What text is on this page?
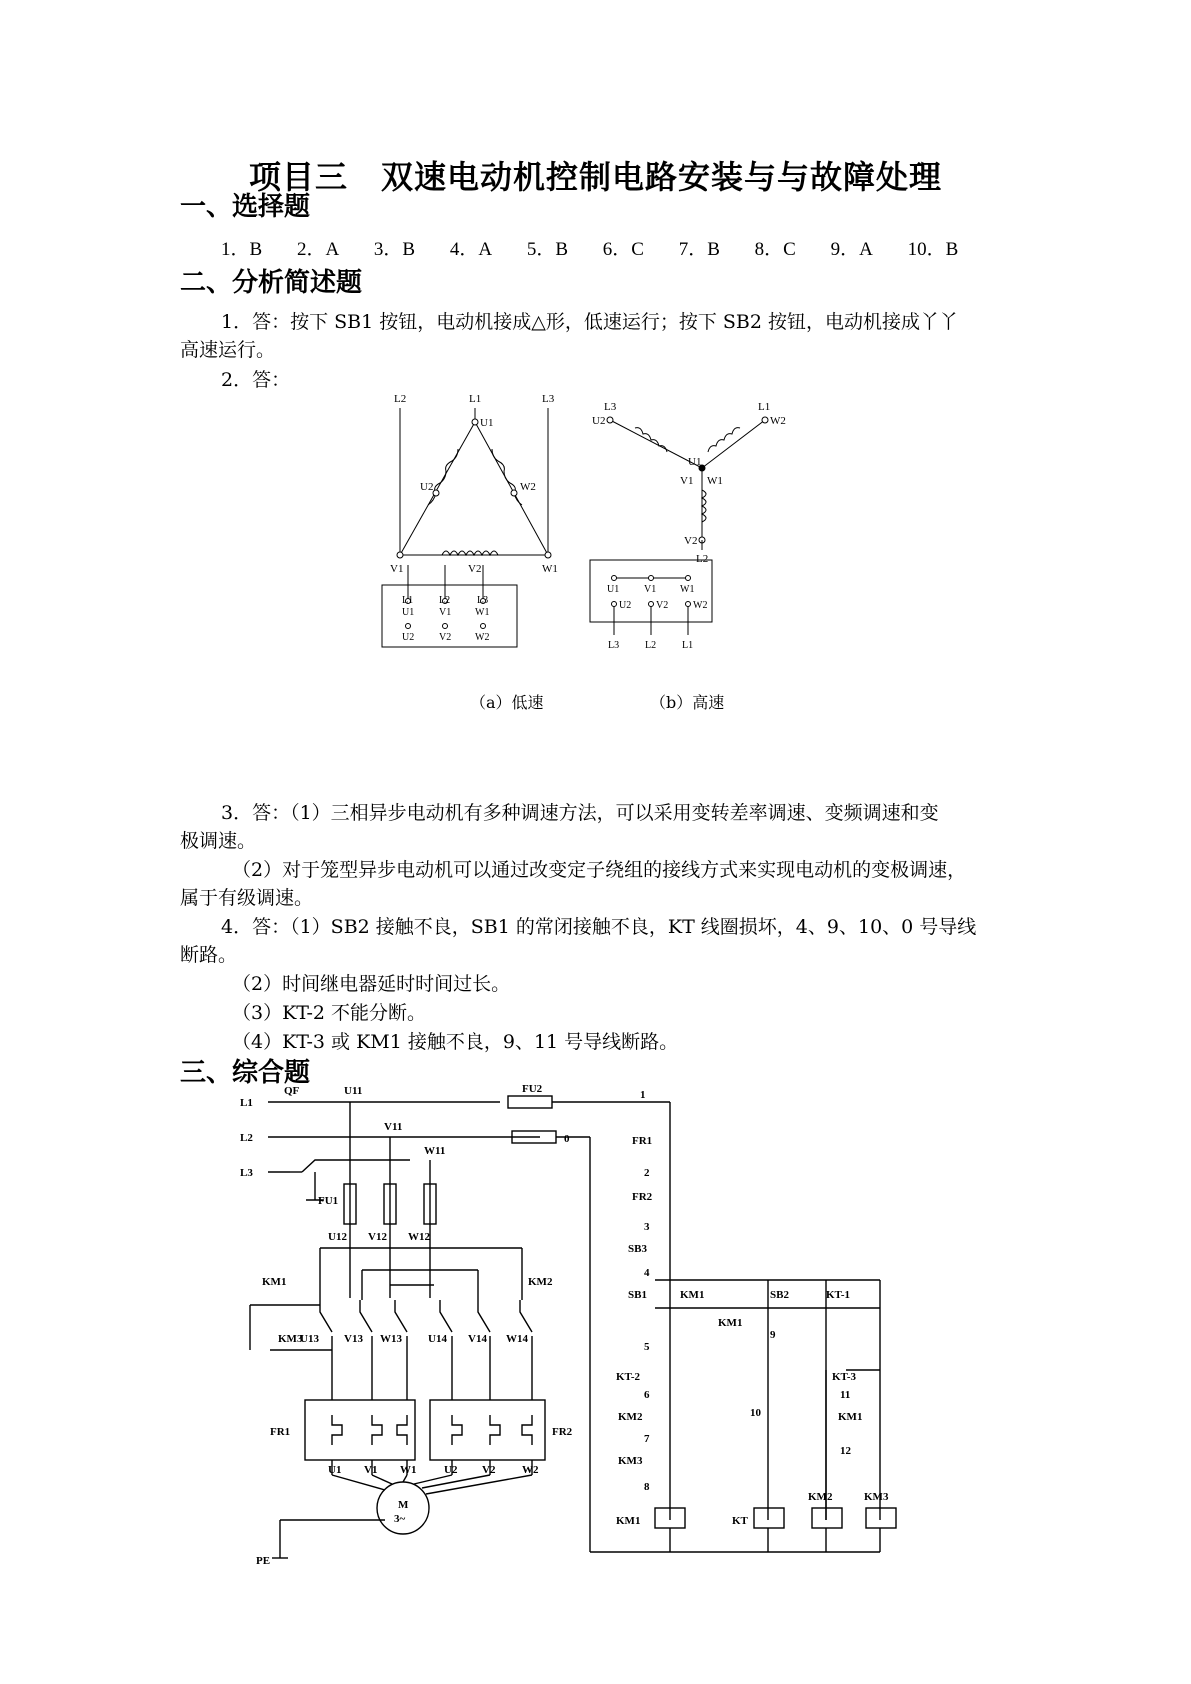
项目三　双速电动机控制电路安装与与故障处理
一、选择题
1．B 2．A 3．B 4．A 5．B 6．C 7．B 8．C 9．A 10．B
二、分析简述题
1．答：按下 SB1 按钮，电动机接成△形，低速运行；按下 SB2 按钮，电动机接成丫丫
高速运行。
2．答：
L2	L1	L3
U1
U2	W2
V1	V2	W1
L3	L1
U2	W2
U1
V1 W1
V2
L2
L1	L2	L3
U1 V1 W1
U2 V2 W2
U1 V1 W1
U2 V2 W2
L3	L2	L1
（a）低速	（b）高速
3．答：（1）三相异步电动机有多种调速方法，可以采用变转差率调速、变频调速和变
极调速。
（2）对于笼型异步电动机可以通过改变定子绕组的接线方式来实现电动机的变极调速，
属于有级调速。
4．答：（1）SB2 接触不良，SB1 的常闭接触不良，KT 线圈损坏，4、9、10、0 号导线
断路。
（2）时间继电器延时时间过长。
（3）KT-2 不能分断。
（4）KT-3 或 KM1 接触不良，9、11 号导线断路。
三、综合题
L1
L2
L3
QF	U11
V11
W11
FU1
FU2
U12 V12 W12
KM1	KM2
KM3
U13 V13 W13 U14 V14 W14
FR1	FR2
U1 V1 W1	U2 V2 W2
M
3~
PE
1
0	FR1
2
FR2
3
SB3
4
SB1	KM1	SB2	KT-1
KM1
9
5
KT-2
6
KM2
7
KM3
8
KM1
10
KT-3
11
KM1
12
KT
KM2	KM3
